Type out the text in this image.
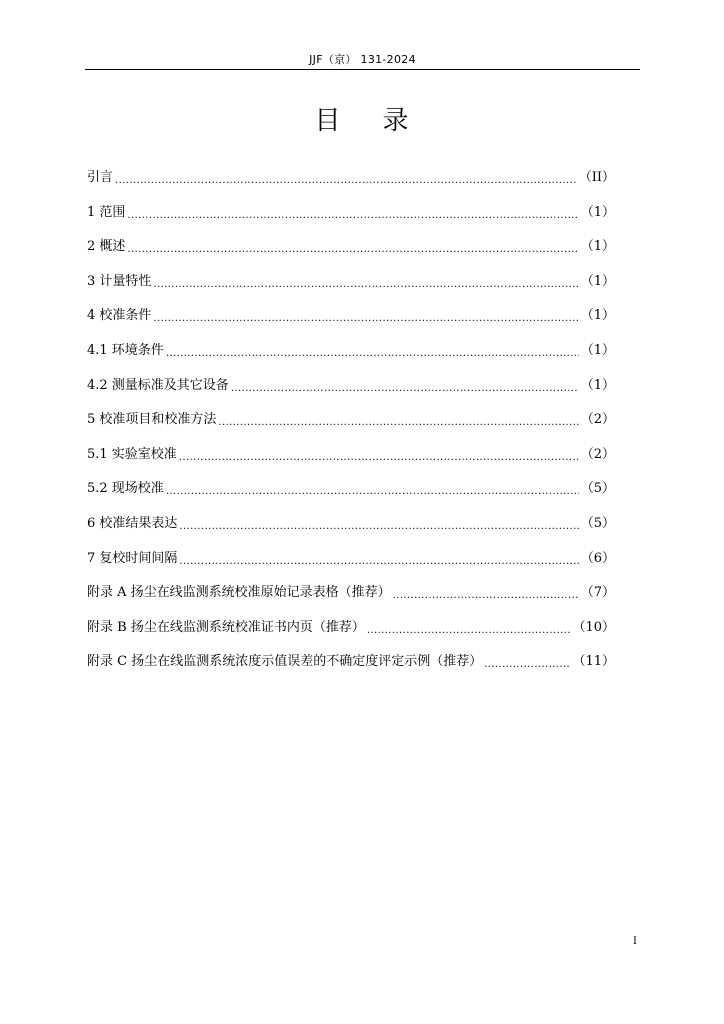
JJF（京） 131-2024
目 录
引言 .....	（II）
1 范围 .....	（1）
2 概述 .....	（1）
3 计量特性 .....	（1）
4 校准条件 .....	（1）
4.1 环境条件 .....	（1）
4.2 测量标准及其它设备 .....	（1）
5 校准项目和校准方法 .....	（2）
5.1 实验室校准 .....	（2）
5.2 现场校准 .....	（5）
6 校准结果表达 .....	（5）
7 复校时间间隔 .....	（6）
附录 A 扬尘在线监测系统校准原始记录表格（推荐） .....	（7）
附录 B 扬尘在线监测系统校准证书内页（推荐） .....	（10）
附录 C 扬尘在线监测系统浓度示值误差的不确定度评定示例（推荐） .....	（11）
I
